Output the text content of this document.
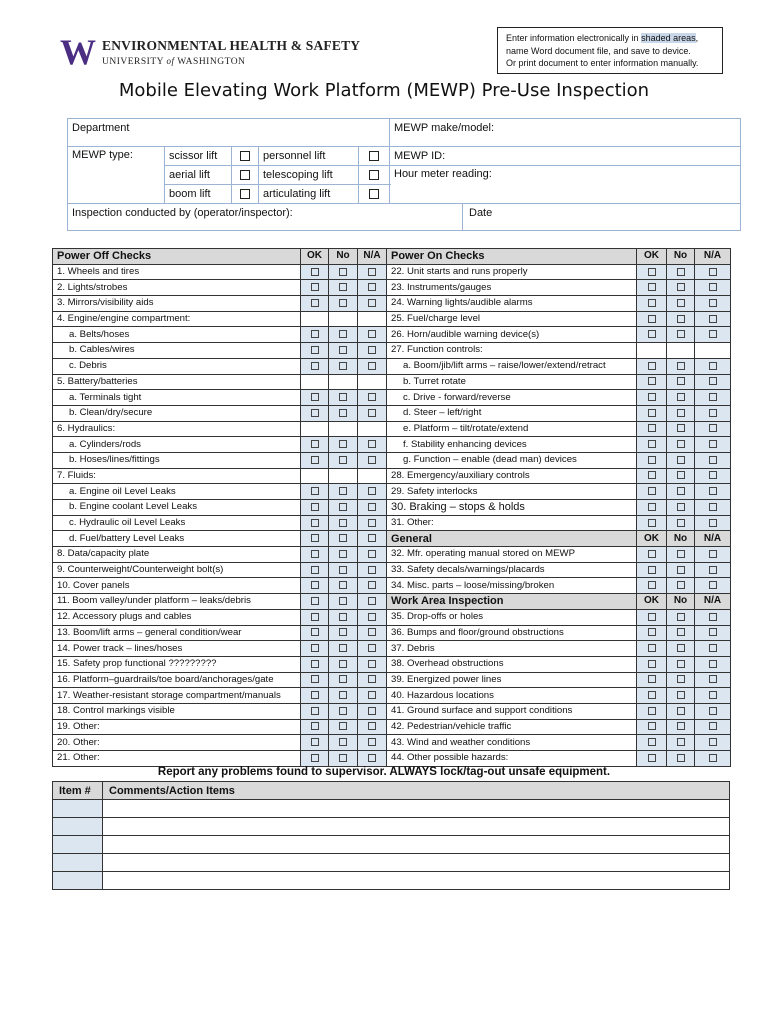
W ENVIRONMENTAL HEALTH & SAFETY
UNIVERSITY of WASHINGTON
Enter information electronically in shaded areas,
name Word document file, and save to device.
Or print document to enter information manually.
Mobile Elevating Work Platform (MEWP) Pre-Use Inspection
Department					MEWP make/model:
MEWP type:	scissor lift		personnel lift		MEWP ID:
	aerial lift		telescoping lift		Hour meter reading:
	boom lift		articulating lift		

Inspection conducted by (operator/inspector): Date					
Power Off Checks	OK	No	N/A	Power On Checks	OK	No	N/A
1. Wheels and tires				22. Unit starts and runs properly			
2. Lights/strobes				23. Instruments/gauges			
3. Mirrors/visibility aids				24. Warning lights/audible alarms			
4. Engine/engine compartment:				25. Fuel/charge level			
a. Belts/hoses				26. Horn/audible warning device(s)			
b. Cables/wires				27. Function controls:			
c. Debris				a. Boom/jib/lift arms – raise/lower/extend/retract			
5. Battery/batteries				b. Turret rotate			
a. Terminals tight				c. Drive - forward/reverse			
b. Clean/dry/secure				d. Steer – left/right			
6. Hydraulics:				e. Platform – tilt/rotate/extend			
a. Cylinders/rods				f. Stability enhancing devices			
b. Hoses/lines/fittings				g. Function – enable (dead man) devices			
7. Fluids:				28. Emergency/auxiliary controls			
a. Engine oil Level Leaks				29. Safety interlocks			
b. Engine coolant Level Leaks				30. Braking – stops & holds			
c. Hydraulic oil Level Leaks				31. Other:			
d. Fuel/battery Level Leaks				General	OK	No	N/A
8. Data/capacity plate				32. Mfr. operating manual stored on MEWP			
9. Counterweight/Counterweight bolt(s)				33. Safety decals/warnings/placards			
10. Cover panels				34. Misc. parts – loose/missing/broken			
11. Boom valley/under platform – leaks/debris				Work Area Inspection	OK	No	N/A
12. Accessory plugs and cables				35. Drop-offs or holes			
13. Boom/lift arms – general condition/wear				36. Bumps and floor/ground obstructions			
14. Power track – lines/hoses				37. Debris			
15. Safety prop functional ?????????				38. Overhead obstructions			
16. Platform–guardrails/toe board/anchorages/gate				39. Energized power lines			
17. Weather-resistant storage compartment/manuals				40. Hazardous locations			
18. Control markings visible				41. Ground surface and support conditions			
19. Other:				42. Pedestrian/vehicle traffic			
20. Other:				43. Wind and weather conditions			
21. Other:				44. Other possible hazards:			
Report any problems found to supervisor. ALWAYS lock/tag-out unsafe equipment.
Item #	Comments/Action Items
